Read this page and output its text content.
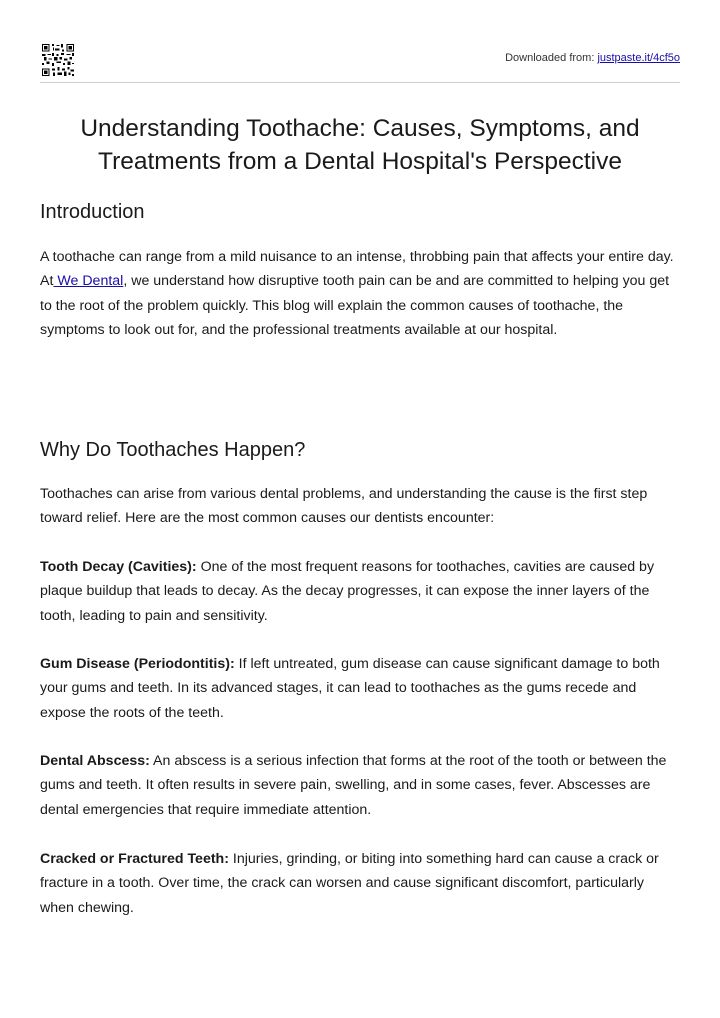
Downloaded from: justpaste.it/4cf5o
Understanding Toothache: Causes, Symptoms, and Treatments from a Dental Hospital's Perspective
Introduction

A toothache can range from a mild nuisance to an intense, throbbing pain that affects your entire day.
At We Dental, we understand how disruptive tooth pain can be and are committed to helping you get to the root of the problem quickly. This blog will explain the common causes of toothache, the symptoms to look out for, and the professional treatments available at our hospital.

Why Do Toothaches Happen?

Toothaches can arise from various dental problems, and understanding the cause is the first step toward relief. Here are the most common causes our dentists encounter:

Tooth Decay (Cavities): One of the most frequent reasons for toothaches, cavities are caused by plaque buildup that leads to decay. As the decay progresses, it can expose the inner layers of the tooth, leading to pain and sensitivity.

Gum Disease (Periodontitis): If left untreated, gum disease can cause significant damage to both your gums and teeth. In its advanced stages, it can lead to toothaches as the gums recede and expose the roots of the teeth.

Dental Abscess: An abscess is a serious infection that forms at the root of the tooth or between the gums and teeth. It often results in severe pain, swelling, and in some cases, fever. Abscesses are dental emergencies that require immediate attention.

Cracked or Fractured Teeth: Injuries, grinding, or biting into something hard can cause a crack or fracture in a tooth. Over time, the crack can worsen and cause significant discomfort, particularly when chewing.
